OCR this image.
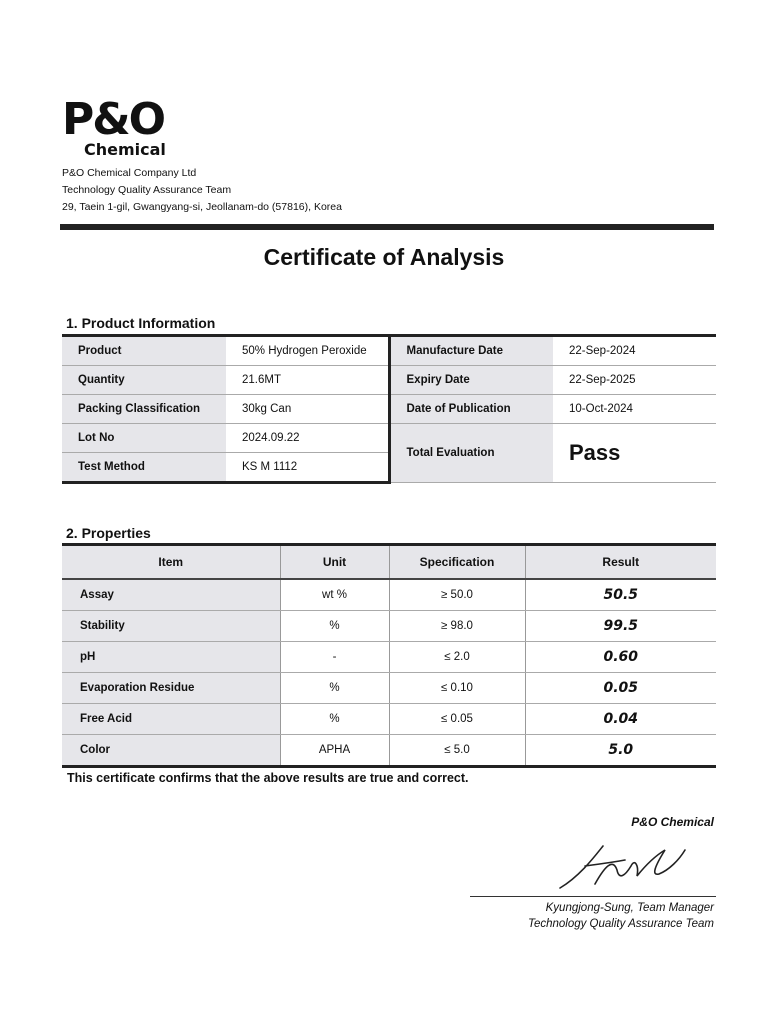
P&O
Chemical
P&O Chemical Company Ltd
Technology Quality Assurance Team
29, Taein 1-gil, Gwangyang-si, Jeollanam-do (57816), Korea
Certificate of Analysis
1. Product Information
Product	50% Hydrogen Peroxide	Manufacture Date	22-Sep-2024
Quantity	21.6MT	Expiry Date	22-Sep-2025
Packing Classification	30kg Can	Date of Publication	10-Oct-2024
Lot No	2024.09.22	Total Evaluation	Pass
Test Method	KS M 1112		
2. Properties
Item	Unit	Specification	Result
Assay	wt %	≥ 50.0	50.5
Stability	%	≥ 98.0	99.5
pH	-	≤ 2.0	0.60
Evaporation Residue	%	≤ 0.10	0.05
Free Acid	%	≤ 0.05	0.04
Color	APHA	≤ 5.0	5.0
This certificate confirms that the above results are true and correct.
P&O Chemical
Kyungjong-Sung, Team Manager
Technology Quality Assurance Team
